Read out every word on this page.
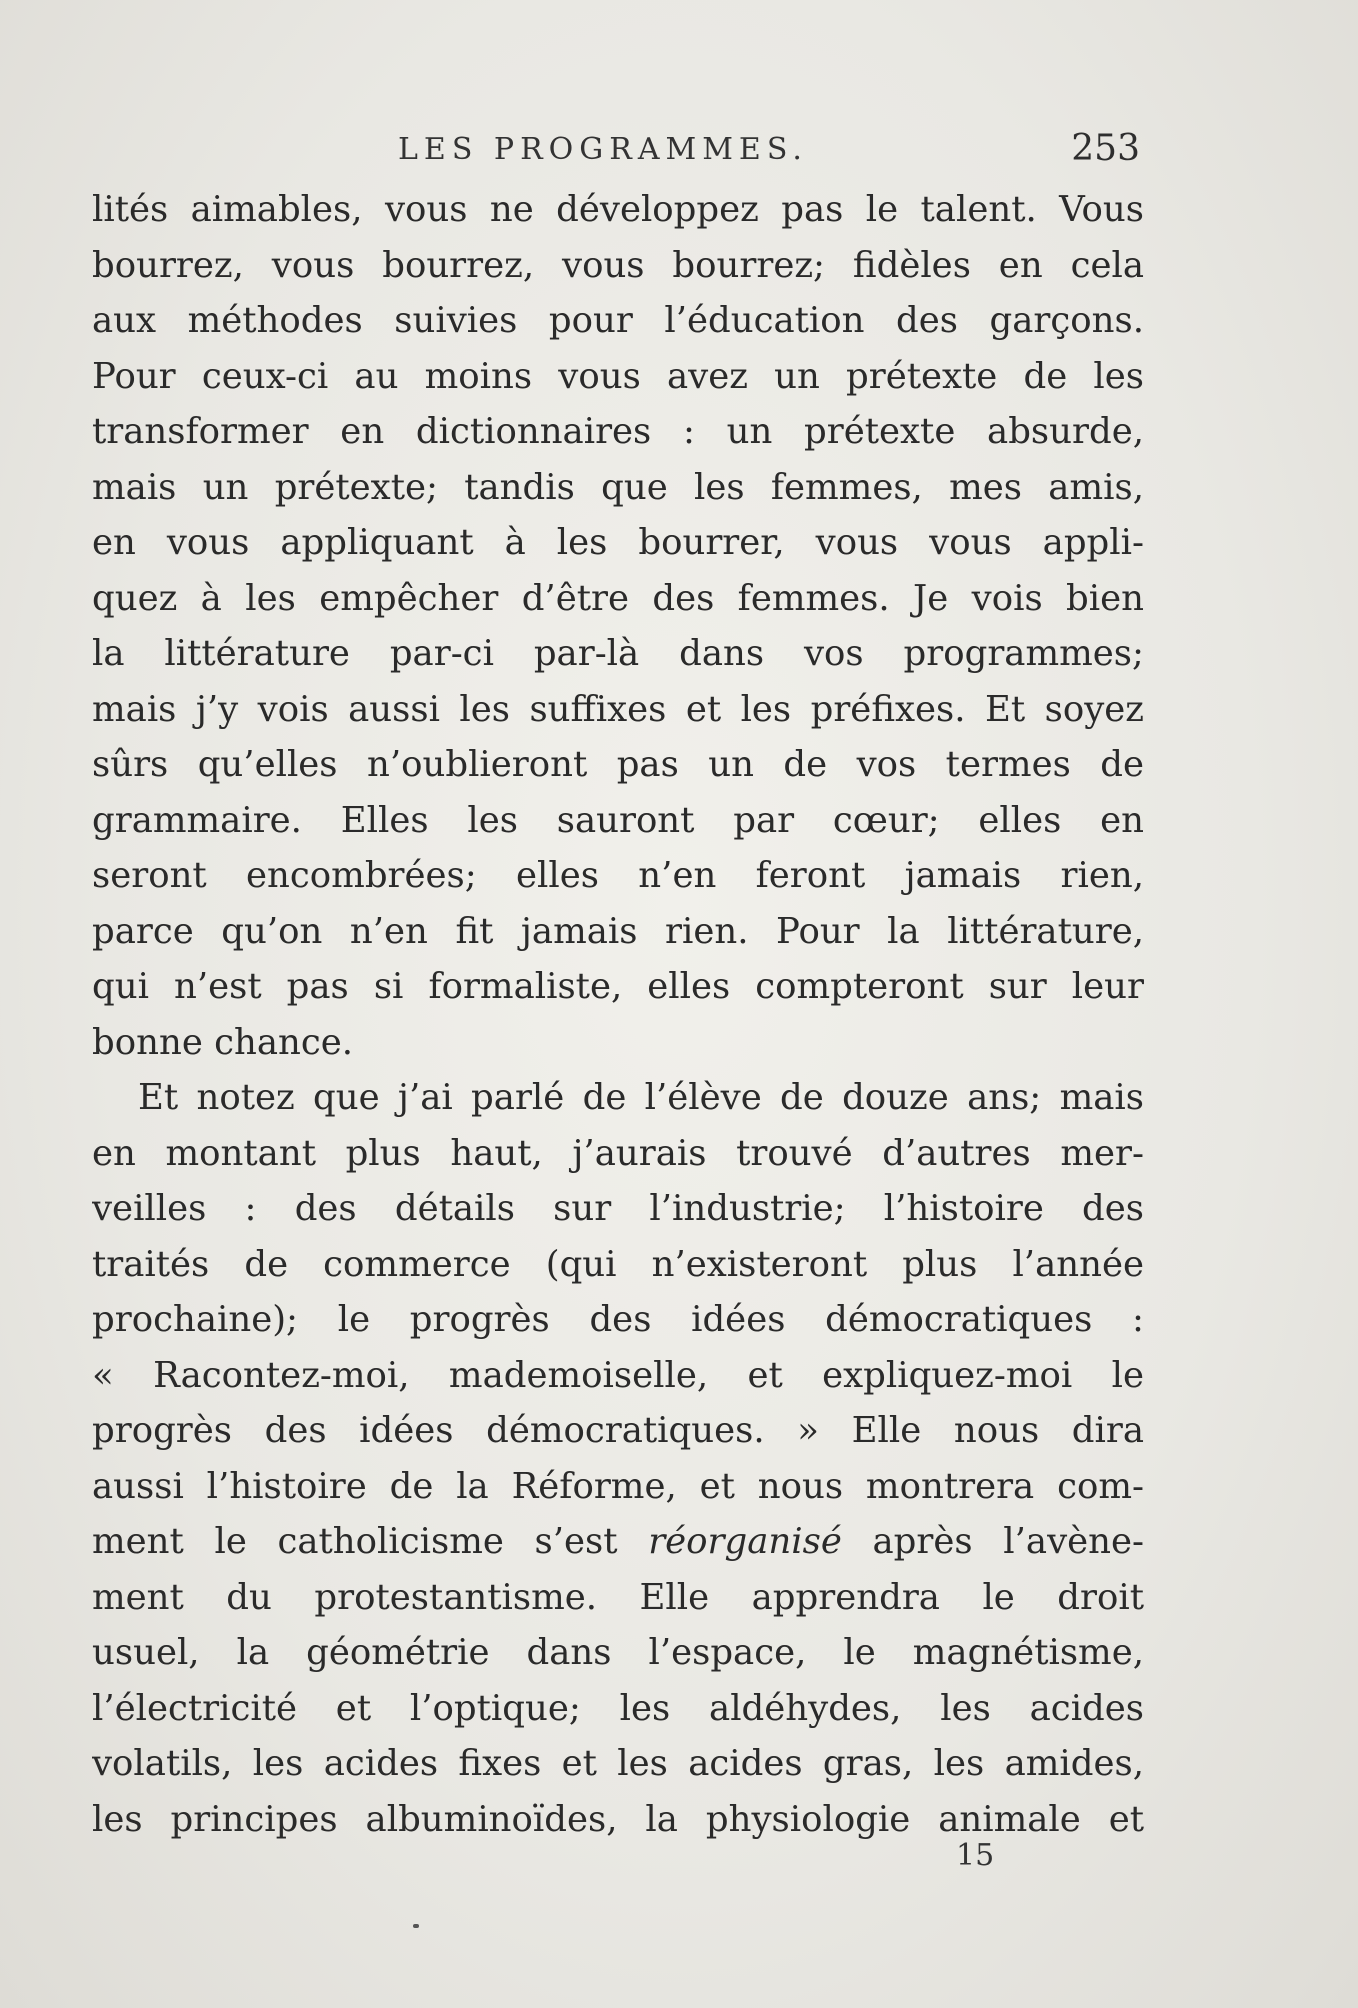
LES PROGRAMMES.	253
lités aimables, vous ne développez pas le talent. Vous
bourrez, vous bourrez, vous bourrez; fidèles en cela
aux méthodes suivies pour l’éducation des garçons.
Pour ceux-ci au moins vous avez un prétexte de les
transformer en dictionnaires : un prétexte absurde,
mais un prétexte; tandis que les femmes, mes amis,
en vous appliquant à les bourrer, vous vous appli-
quez à les empêcher d’être des femmes. Je vois bien
la littérature par-ci par-là dans vos programmes;
mais j’y vois aussi les suffixes et les préfixes. Et soyez
sûrs qu’elles n’oublieront pas un de vos termes de
grammaire. Elles les sauront par cœur; elles en
seront encombrées; elles n’en feront jamais rien,
parce qu’on n’en fit jamais rien. Pour la littérature,
qui n’est pas si formaliste, elles compteront sur leur
bonne chance.
Et notez que j’ai parlé de l’élève de douze ans; mais
en montant plus haut, j’aurais trouvé d’autres mer-
veilles : des détails sur l’industrie; l’histoire des
traités de commerce (qui n’existeront plus l’année
prochaine); le progrès des idées démocratiques :
« Racontez-moi, mademoiselle, et expliquez-moi le
progrès des idées démocratiques. » Elle nous dira
aussi l’histoire de la Réforme, et nous montrera com-
ment le catholicisme s’est réorganisé après l’avène-
ment du protestantisme. Elle apprendra le droit
usuel, la géométrie dans l’espace, le magnétisme,
l’électricité et l’optique; les aldéhydes, les acides
volatils, les acides fixes et les acides gras, les amides,
les principes albuminoïdes, la physiologie animale et
15
